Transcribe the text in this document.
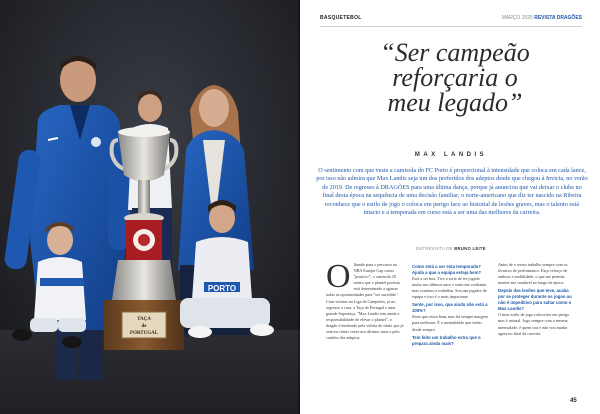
TAÇA
de
PORTUGAL
PORTO
BASQUETEBOL	MARÇO 2025 REVISTA DRAGÕES
“Ser campeão
reforçaria o
meu legado”
MAX LANDIS
O sentimento com que veste a camisola do FC Porto é proporcional à intensidade que coloca em cada lance, por isso não admira que Max Landis seja um dos preferidos dos adeptos desde que chegou à Invicta, no verão de 2019. De regresso à DRAGÕES para uma última dança, porque já anunciou que vai deixar o clube no final desta época na sequência de uma decisão familiar, o norte-americano que diz ter nascido na Ribeira reconhece que o estilo de jogo o coloca em perigo face ao historial de lesões graves, mas o talento está intacto e a temporada em curso está a ser uma das melhores da carreira.
ENTREVISTA DE BRUNO LEITE
O lhando para o percurso na NBA Europe Cup como "positivo", o camisola 20 sentiu que o plantel portista está determinado a agarrar todas as oportunidades para "ser sucedido". Com vitórias na Liga de Campeões, já no regresso a casa, a Taça de Portugal e uma grande Supertaça, "Max Landis tem ainda a responsabilidade de elevar o plantel", o dragão é lembrado pela vitória do título que já venceu várias vezes nos últimos anos e pelo carinho dos adeptos.

Como está a ser esta temporada? Ajuda a que a equipa esteja bem?

Está a ser boa. Tive a sorte de ter jogado muito nos últimos anos e sinto-me confiante, mas continuo a trabalhar. Sou um jogador de equipa e isso é o mais importante.

Sente, por isso, que ainda não está a 100%?

Sinto que estou bem, mas há sempre margem para melhorar. É a mentalidade que tenho desde sempre.

Tem feito um trabalho extra que o prepara ainda mais?

Antes de o treino trabalho sempre com os técnicos de performance. Faço reforço de ombros e mobilidade, o que me permite manter-me saudável ao longo da época.

Depois das lesões que teve, acaba por se proteger durante os jogos ou não é impeditivo para saltar como o Max Landis?

O meu estilo de jogo coloca-me em perigo mas é natural. Jogo sempre com a mesma intensidade, é quem sou e não vou mudar agora no final da carreira.

45
